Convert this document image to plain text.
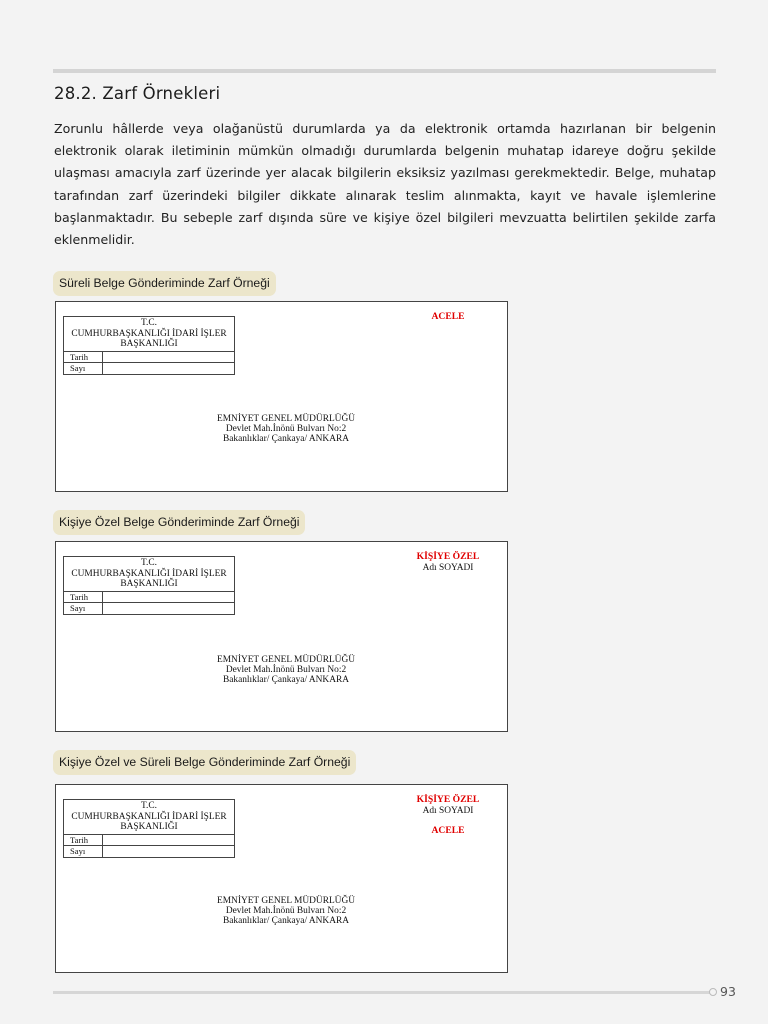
28.2. Zarf Örnekleri
Zorunlu hâllerde veya olağanüstü durumlarda ya da elektronik ortamda hazırlanan bir belgenin elektronik olarak iletiminin mümkün olmadığı durumlarda belgenin muhatap idareye doğru şekilde ulaşması amacıyla zarf üzerinde yer alacak bilgilerin eksiksiz yazılması gerekmektedir. Belge, muhatap tarafından zarf üzerindeki bilgiler dikkate alınarak teslim alınmakta, kayıt ve havale işlemlerine başlanmaktadır. Bu sebeple zarf dışında süre ve kişiye özel bilgileri mevzuatta belirtilen şekilde zarfa eklenmelidir.
Süreli Belge Gönderiminde Zarf Örneği
T.C.
CUMHURBAŞKANLIĞI İDARİ İŞLER
BAŞKANLIĞI
Tarih
Sayı
ACELE
EMNİYET GENEL MÜDÜRLÜĞÜ
Devlet Mah.İnönü Bulvarı No:2
Bakanlıklar/ Çankaya/ ANKARA
Kişiye Özel Belge Gönderiminde Zarf Örneği
T.C.
CUMHURBAŞKANLIĞI İDARİ İŞLER
BAŞKANLIĞI
Tarih
Sayı
KİŞİYE ÖZEL
Adı SOYADI
EMNİYET GENEL MÜDÜRLÜĞÜ
Devlet Mah.İnönü Bulvarı No:2
Bakanlıklar/ Çankaya/ ANKARA
Kişiye Özel ve Süreli Belge Gönderiminde Zarf Örneği
T.C.
CUMHURBAŞKANLIĞI İDARİ İŞLER
BAŞKANLIĞI
Tarih
Sayı
KİŞİYE ÖZEL
Adı SOYADI
ACELE
EMNİYET GENEL MÜDÜRLÜĞÜ
Devlet Mah.İnönü Bulvarı No:2
Bakanlıklar/ Çankaya/ ANKARA
93
